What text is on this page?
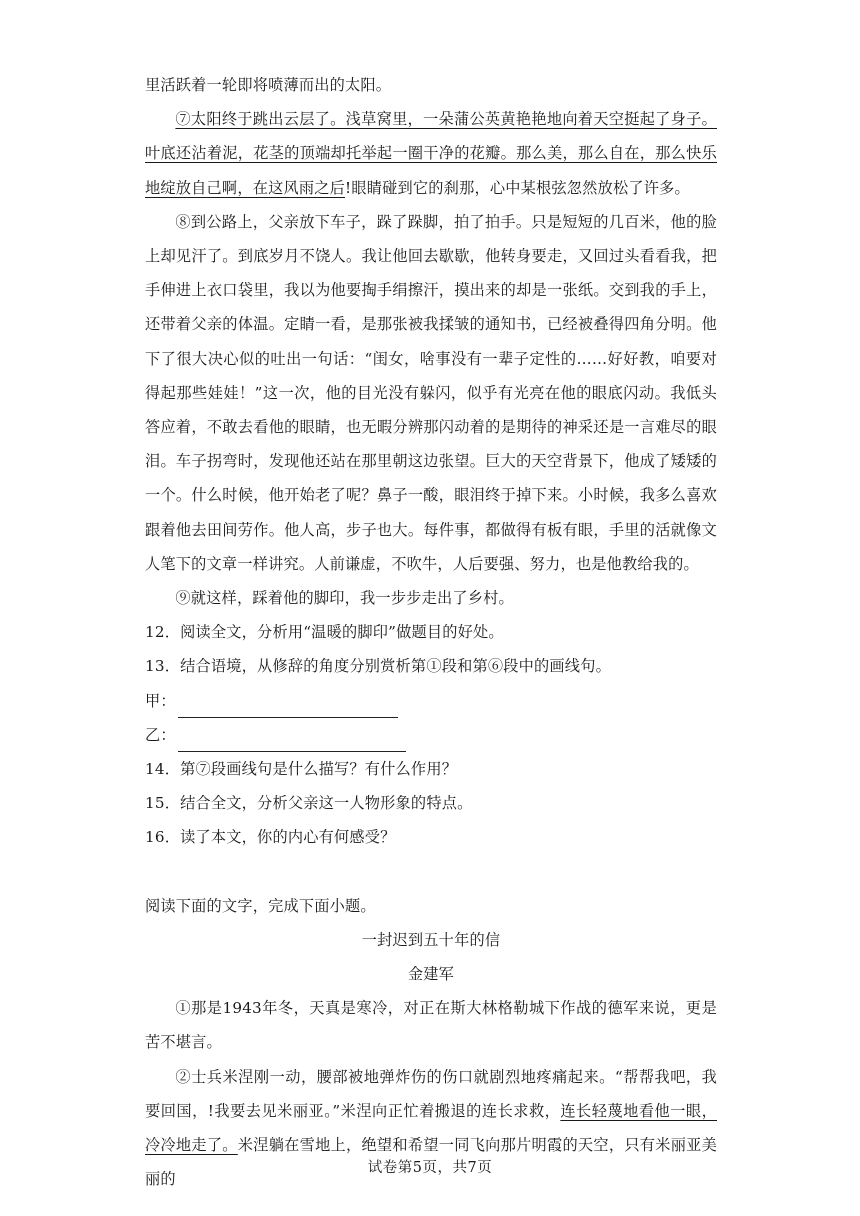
里活跃着一轮即将喷薄而出的太阳。

⑦太阳终于跳出云层了。浅草窝里，一朵蒲公英黄艳艳地向着天空挺起了身子。叶底还沾着泥，花茎的顶端却托举起一圈干净的花瓣。那么美，那么自在，那么快乐地绽放自己啊，在这风雨之后!眼睛碰到它的刹那，心中某根弦忽然放松了许多。

⑧到公路上，父亲放下车子，跺了跺脚，拍了拍手。只是短短的几百米，他的脸上却见汗了。到底岁月不饶人。我让他回去歇歇，他转身要走，又回过头看看我，把手伸进上衣口袋里，我以为他要掏手绢擦汗，摸出来的却是一张纸。交到我的手上，还带着父亲的体温。定睛一看，是那张被我揉皱的通知书，已经被叠得四角分明。他下了很大决心似的吐出一句话：“闺女，啥事没有一辈子定性的……好好教，咱要对得起那些娃娃！”这一次，他的目光没有躲闪，似乎有光亮在他的眼底闪动。我低头答应着，不敢去看他的眼睛，也无暇分辨那闪动着的是期待的神采还是一言难尽的眼泪。车子拐弯时，发现他还站在那里朝这边张望。巨大的天空背景下，他成了矮矮的一个。什么时候，他开始老了呢？鼻子一酸，眼泪终于掉下来。小时候，我多么喜欢跟着他去田间劳作。他人高，步子也大。每件事，都做得有板有眼，手里的活就像文人笔下的文章一样讲究。人前谦虚，不吹牛，人后要强、努力，也是他教给我的。

⑨就这样，踩着他的脚印，我一步步走出了乡村。

12．阅读全文，分析用“温暖的脚印”做题目的好处。

13．结合语境，从修辞的角度分别赏析第①段和第⑥段中的画线句。

甲：
乙：

14．第⑦段画线句是什么描写？有什么作用？

15．结合全文，分析父亲这一人物形象的特点。

16．读了本文，你的内心有何感受？

阅读下面的文字，完成下面小题。

一封迟到五十年的信

金建军

①那是1943年冬，天真是寒冷，对正在斯大林格勒城下作战的德军来说，更是苦不堪言。

②士兵米涅刚一动，腰部被地弹炸伤的伤口就剧烈地疼痛起来。“帮帮我吧，我要回国，!我要去见米丽亚。”米涅向正忙着搬退的连长求救，连长轻蔑地看他一眼，冷冷地走了。米涅躺在雪地上，绝望和希望一同飞向那片明霞的天空，只有米丽亚美丽的

试卷第5页，共7页
